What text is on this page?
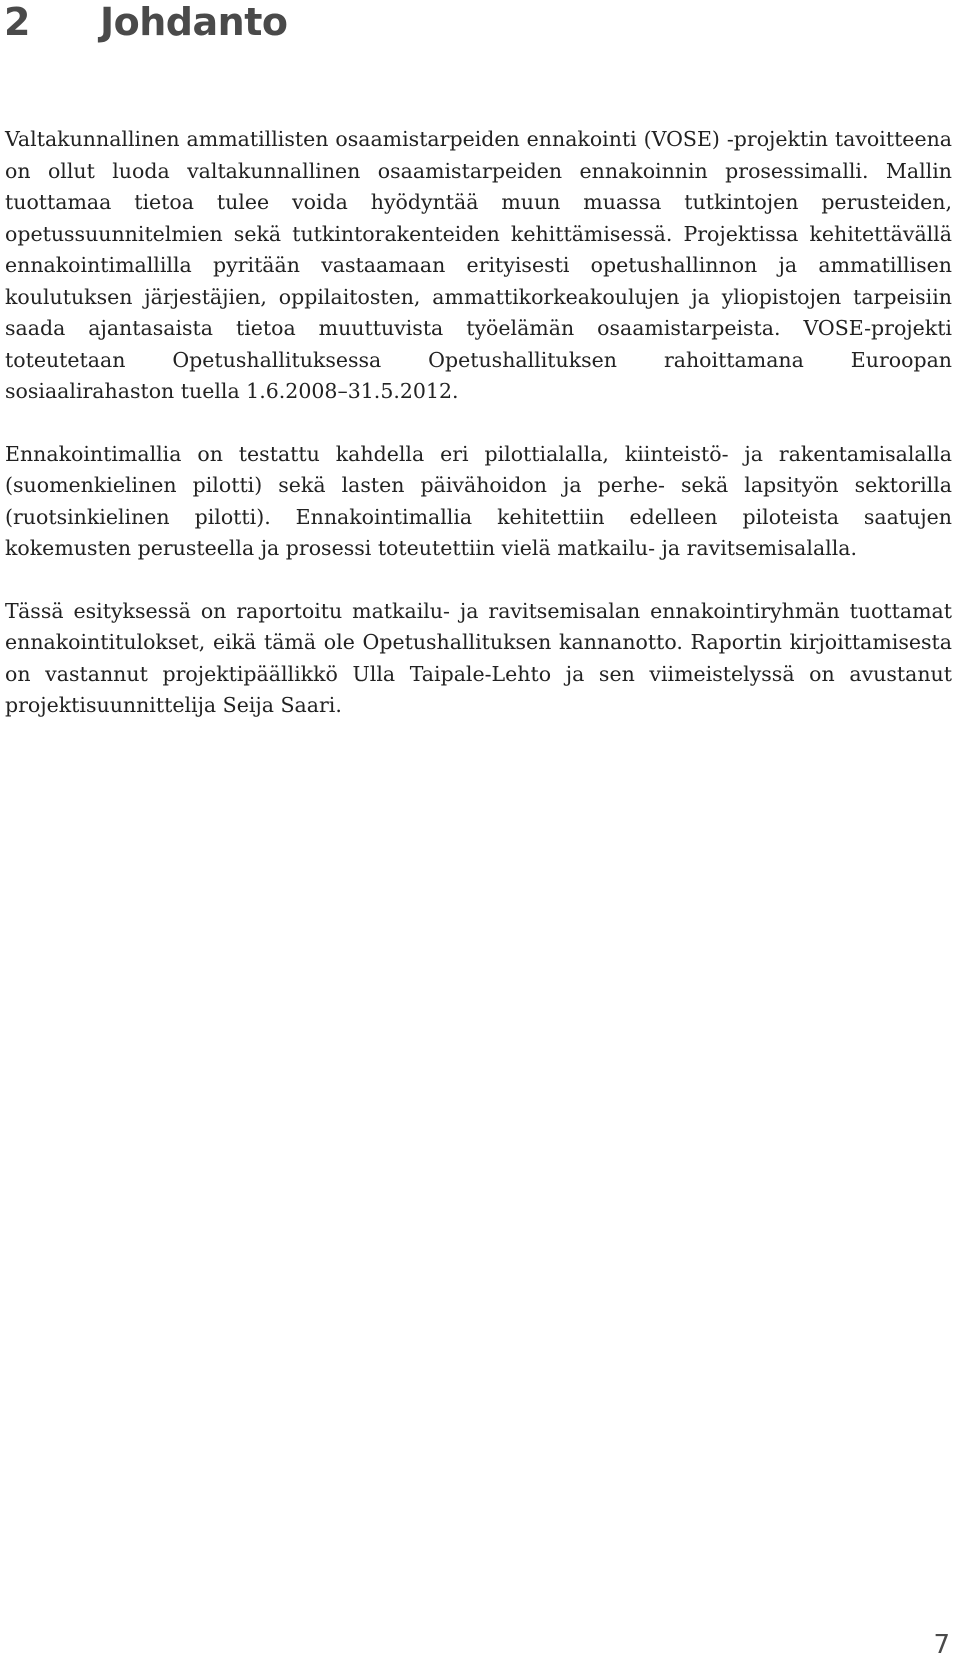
2 Johdanto

Valtakunnallinen ammatillisten osaamistarpeiden ennakointi (VOSE) -projektin tavoitteena on ollut luoda valtakunnallinen osaamistarpeiden ennakoinnin prosessimalli. Mallin tuottamaa tietoa tulee voida hyödyntää muun muassa tutkintojen perusteiden, opetussuunnitelmien sekä tutkintorakenteiden kehittämisessä. Projektissa kehitettävällä ennakointimallilla pyritään vastaamaan erityisesti opetushallinnon ja ammatillisen koulutuksen järjestäjien, oppilaitosten, ammattikorkeakoulujen ja yliopistojen tarpeisiin saada ajantasaista tietoa muuttuvista työelämän osaamistarpeista. VOSE-projekti toteutetaan Opetushallituksessa Opetushallituksen rahoittamana Euroopan sosiaalirahaston tuella 1.6.2008–31.5.2012.

Ennakointimallia on testattu kahdella eri pilottialalla, kiinteistö- ja rakentamisalalla (suomenkielinen pilotti) sekä lasten päivähoidon ja perhe- sekä lapsityön sektorilla (ruotsinkielinen pilotti). Ennakointimallia kehitettiin edelleen piloteista saatujen kokemusten perusteella ja prosessi toteutettiin vielä matkailu- ja ravitsemisalalla.

Tässä esityksessä on raportoitu matkailu- ja ravitsemisalan ennakointiryhmän tuottamat ennakointitulokset, eikä tämä ole Opetushallituksen kannanotto. Raportin kirjoittamisesta on vastannut projektipäällikkö Ulla Taipale-Lehto ja sen viimeistelyssä on avustanut projektisuunnittelija Seija Saari.

7
